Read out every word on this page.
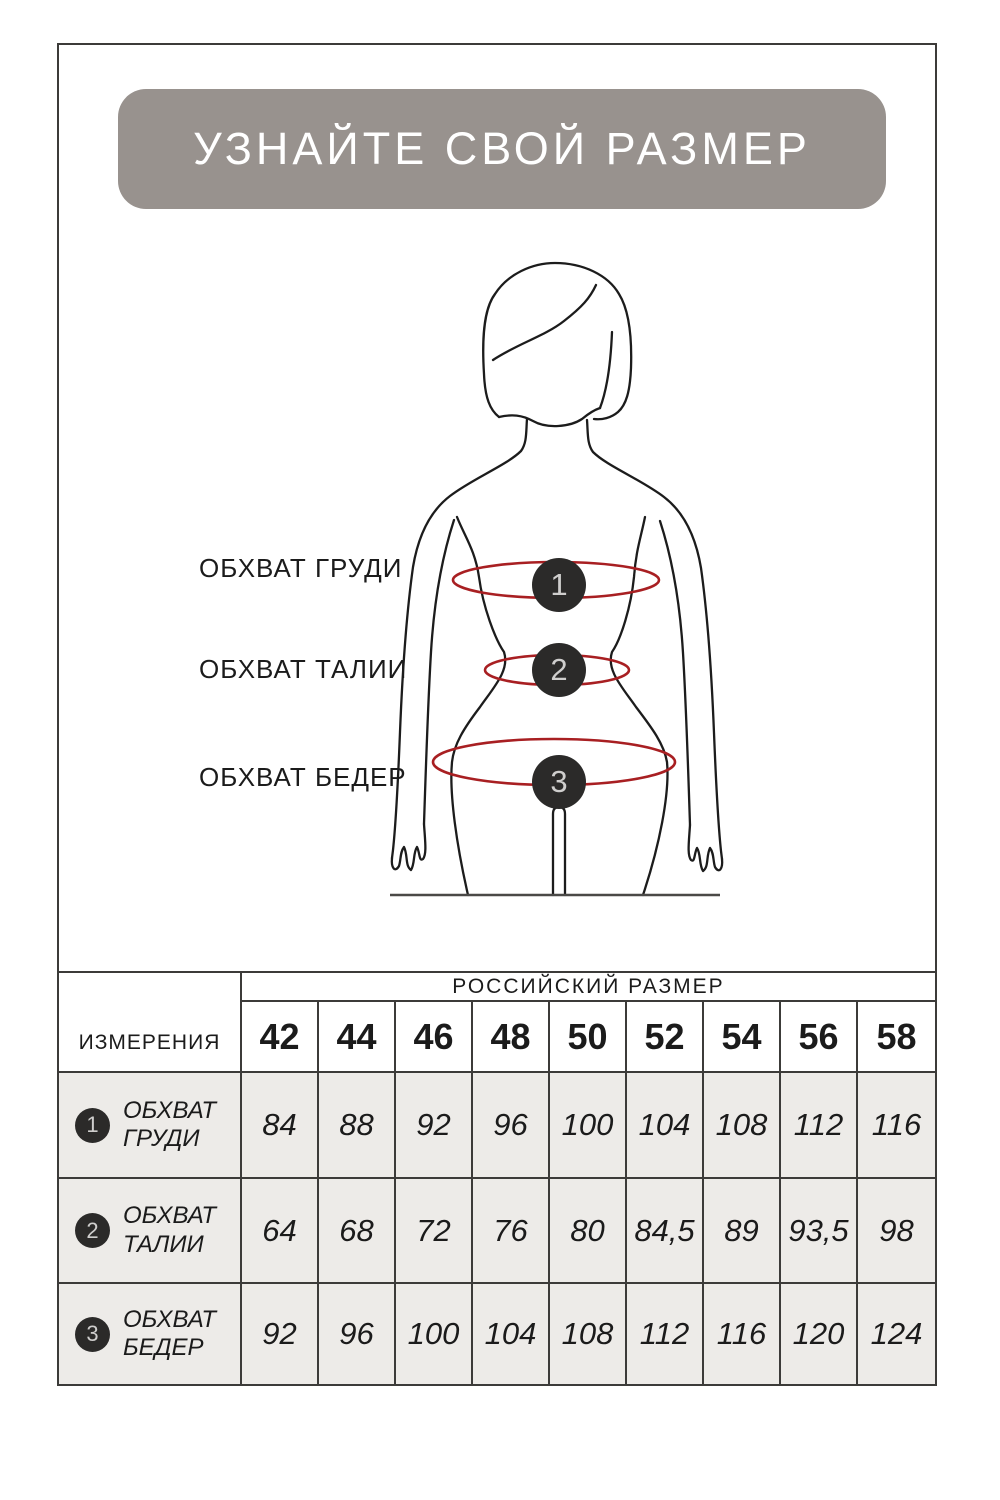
УЗНАЙТЕ СВОЙ РАЗМЕР
ОБХВАТ ГРУДИ
ОБХВАТ ТАЛИИ
ОБХВАТ БЕДЕР
1
2
3
ИЗМЕРЕНИЯ
РОССИЙСКИЙ РАЗМЕР
42	44	46	48	50	52	54	56	58
1
ОБХВАТ ГРУДИ	84	88	92	96	100 104 108 112 116
2
ОБХВАТ ТАЛИИ	64	68	72	76	80 84,5 89 93,5 98
3
ОБХВАТ БЕДЕР	92	96	100 104 108 112 116 120 124
